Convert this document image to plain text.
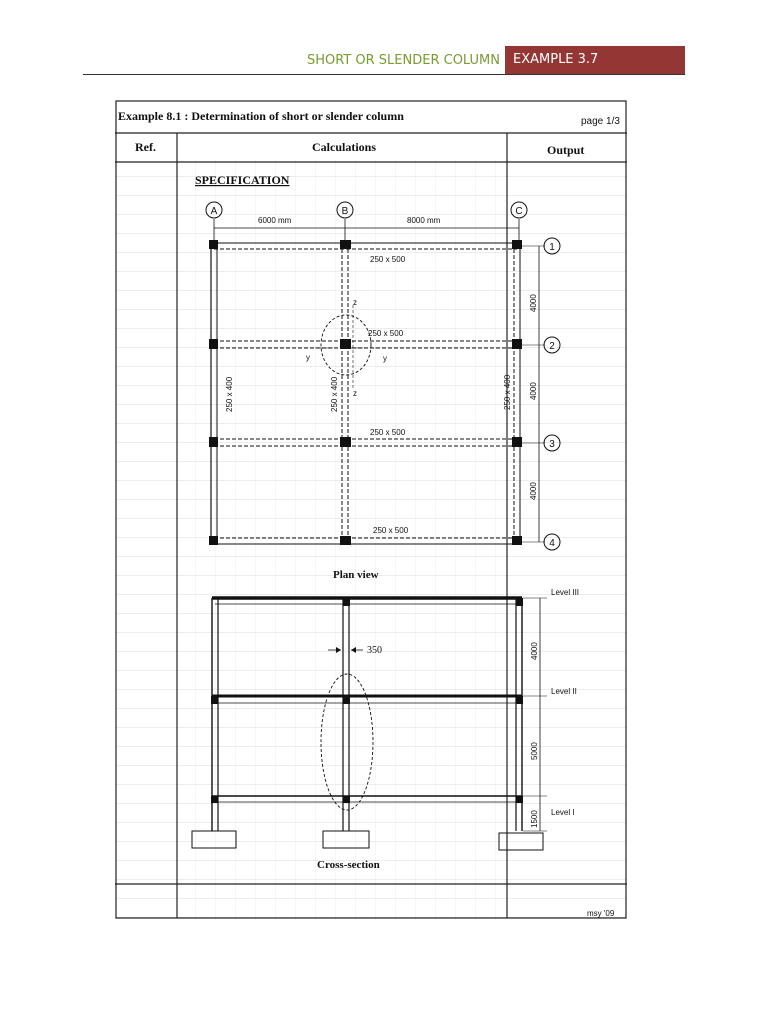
SHORT OR SLENDER COLUMN	EXAMPLE 3.7
Example 8.1 : Determination of short or slender column	page 1/3
Ref.	Calculations	Output
SPECIFICATION
msy '09
A	B	C
1
2
3
4
6000 mm	8000 mm
250 x 500
250 x 500
250 x 500
250 x 500
250 x 400	250 x 400	250 x 400
4000
4000
4000
y	y
z
z
Plan view
Level III
Level II
Level I
4000
5000
1500
350
Cross-section
